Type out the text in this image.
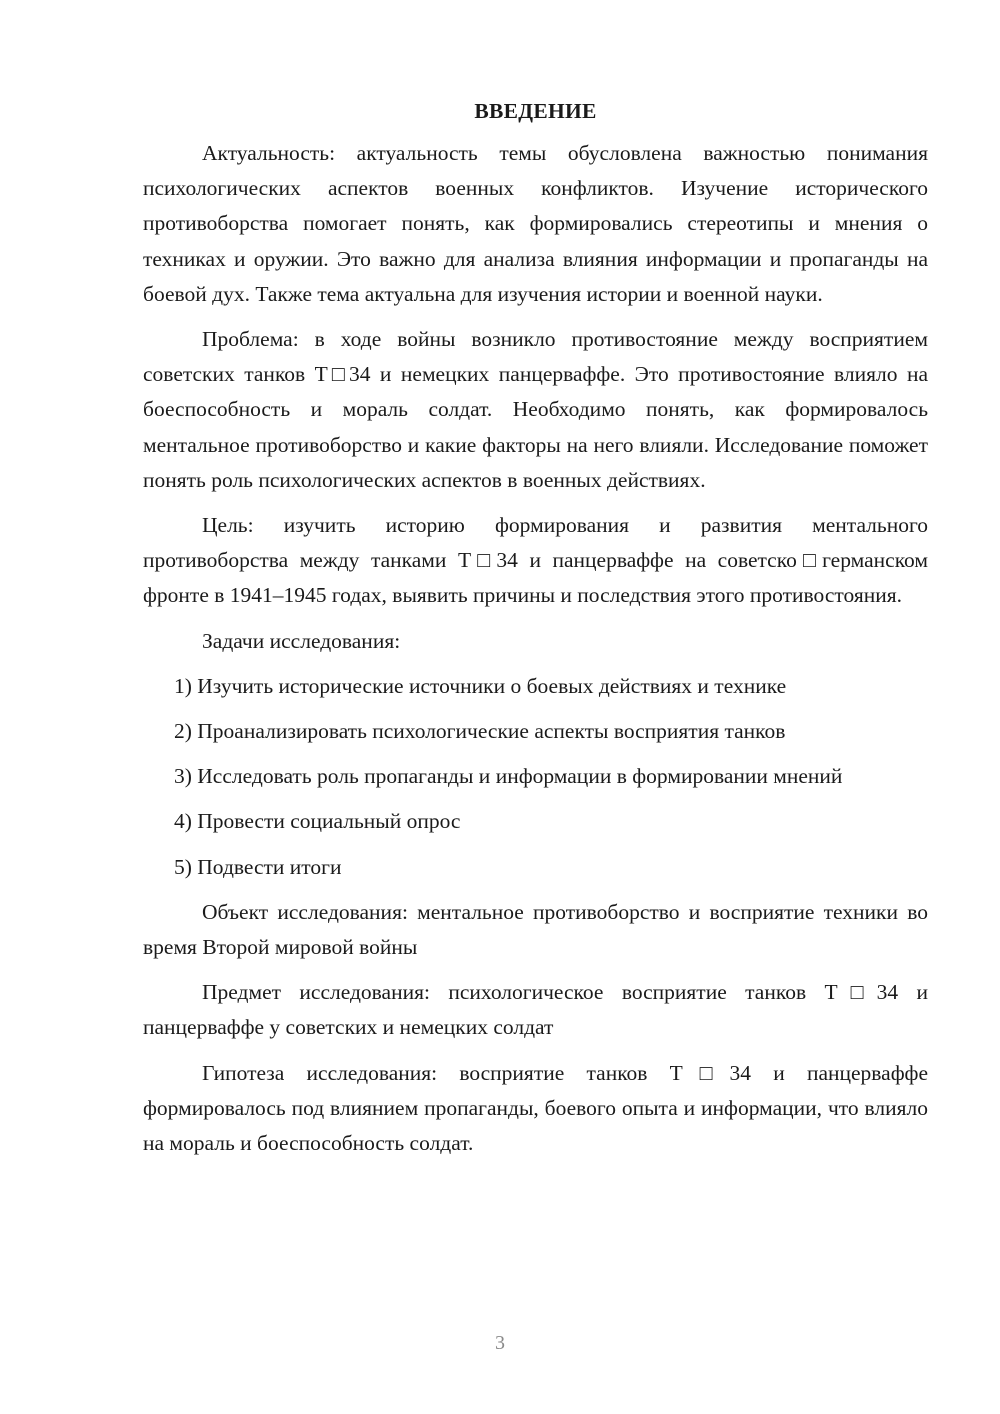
ВВЕДЕНИЕ

Актуальность: актуальность темы обусловлена важностью понимания психологических аспектов военных конфликтов. Изучение исторического противоборства помогает понять, как формировались стереотипы и мнения о техниках и оружии. Это важно для анализа влияния информации и пропаганды на боевой дух. Также тема актуальна для изучения истории и военной науки.

Проблема: в ходе войны возникло противостояние между восприятием советских танков Т□34 и немецких панцерваффе. Это противостояние влияло на боеспособность и мораль солдат. Необходимо понять, как формировалось ментальное противоборство и какие факторы на него влияли. Исследование поможет понять роль психологических аспектов в военных действиях.

Цель: изучить историю формирования и развития ментального противоборства между танками Т□34 и панцерваффе на советско□германском фронте в 1941–1945 годах, выявить причины и последствия этого противостояния.

Задачи исследования:

1) Изучить исторические источники о боевых действиях и технике

2) Проанализировать психологические аспекты восприятия танков

3) Исследовать роль пропаганды и информации в формировании мнений

4) Провести социальный опрос

5) Подвести итоги

Объект исследования: ментальное противоборство и восприятие техники во время Второй мировой войны

Предмет исследования: психологическое восприятие танков Т□34 и панцерваффе у советских и немецких солдат

Гипотеза исследования: восприятие танков Т□34 и панцерваффе формировалось под влиянием пропаганды, боевого опыта и информации, что влияло на мораль и боеспособность солдат.

3
